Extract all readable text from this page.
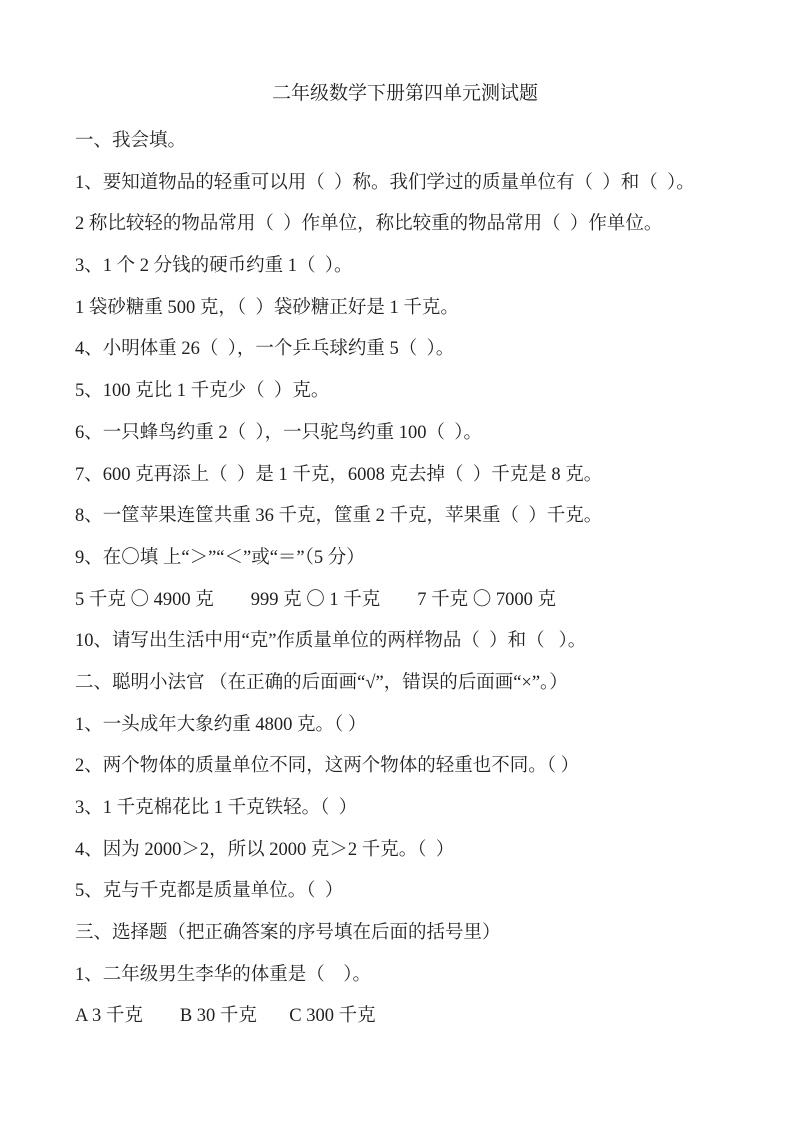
二年级数学下册第四单元测试题
一、我会填。
1、要知道物品的轻重可以用（  ）称。我们学过的质量单位有（  ）和（  ）。
2 称比较轻的物品常用（  ）作单位，称比较重的物品常用（  ）作单位。
3、1 个 2 分钱的硬币约重 1（  ）。
1 袋砂糖重 500 克，（  ）袋砂糖正好是 1 千克。
4、小明体重 26（  ），一个乒乓球约重 5（  ）。
5、100 克比 1 千克少（  ）克。
6、一只蜂鸟约重 2（  ），一只驼鸟约重 100（  ）。
7、600 克再添上（  ）是 1 千克，6008 克去掉（  ）千克是 8 克。
8、一筐苹果连筐共重 36 千克，筐重 2 千克，苹果重（  ）千克。
9、在〇填 上“＞”“＜”或“＝”（5 分）
5 千克 〇 4900 克        999 克 〇 1 千克        7 千克 〇 7000 克
10、请写出生活中用“克”作质量单位的两样物品（  ）和（   ）。
二、聪明小法官 （在正确的后面画“√”，错误的后面画“×”。）
1、一头成年大象约重 4800 克。（ ）
2、两个物体的质量单位不同，这两个物体的轻重也不同。（ ）
3、1 千克棉花比 1 千克铁轻。（  ）
4、因为 2000＞2，所以 2000 克＞2 千克。（  ）
5、克与千克都是质量单位。（  ）
三、选择题（把正确答案的序号填在后面的括号里）
1、二年级男生李华的体重是（    ）。
A 3 千克        B 30 千克       C 300 千克
